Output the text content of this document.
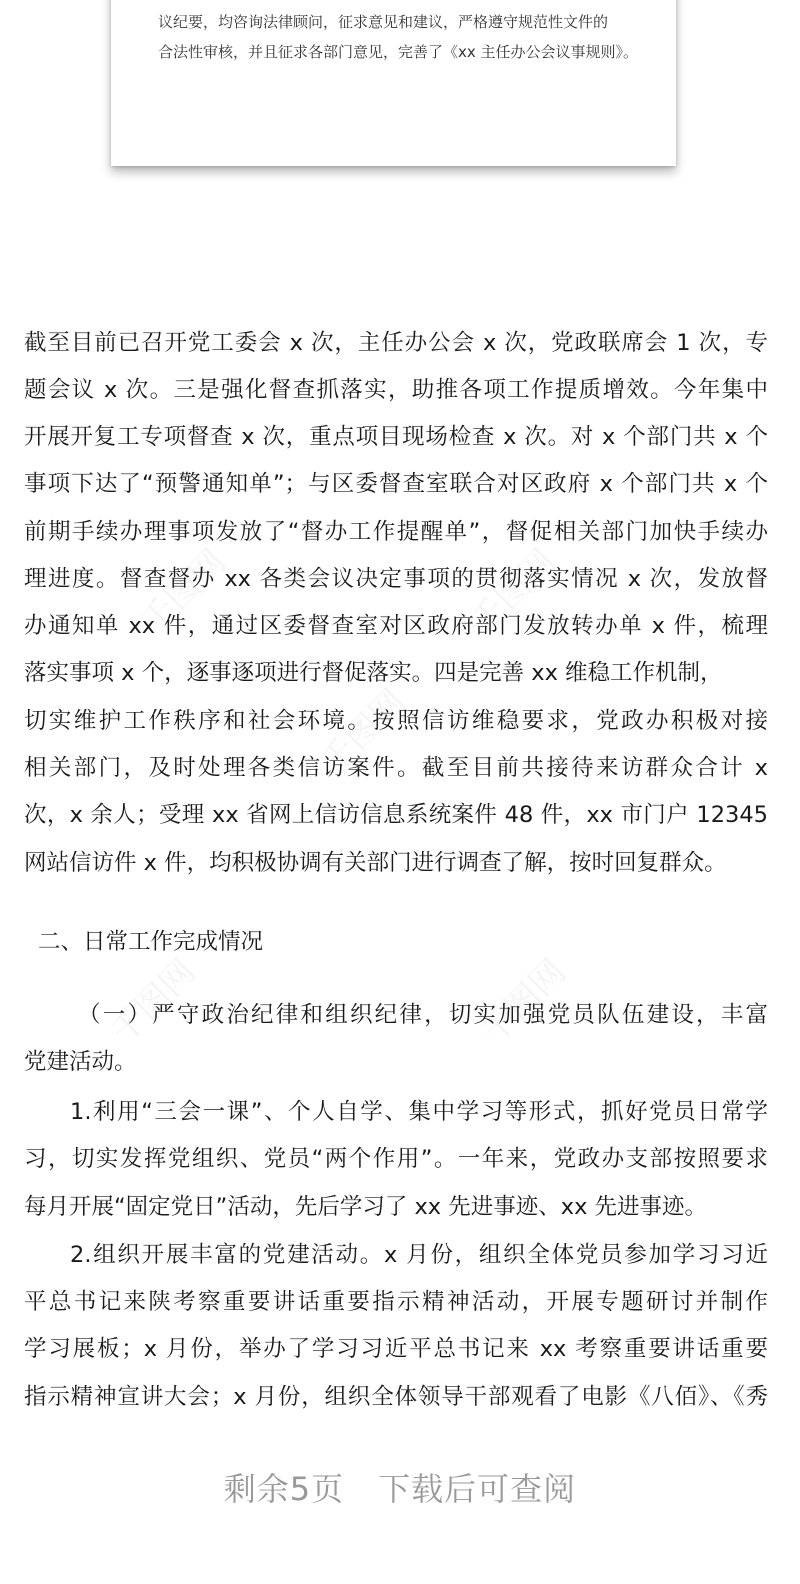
议纪要，均咨询法律顾问，征求意见和建议，严格遵守规范性文件的
合法性审核，并且征求各部门意见，完善了《xx 主任办公会议事规则》。
截至目前已召开党工委会 x 次，主任办公会 x 次，党政联席会 1 次，专
题会议 x 次。三是强化督查抓落实，助推各项工作提质增效。今年集中
开展开复工专项督查 x 次，重点项目现场检查 x 次。对 x 个部门共 x 个
事项下达了“预警通知单”；与区委督查室联合对区政府 x 个部门共 x 个
前期手续办理事项发放了“督办工作提醒单”，督促相关部门加快手续办
理进度。督查督办 xx 各类会议决定事项的贯彻落实情况 x 次，发放督
办通知单 xx 件，通过区委督查室对区政府部门发放转办单 x 件，梳理
落实事项 x 个，逐事逐项进行督促落实。四是完善 xx 维稳工作机制，
切实维护工作秩序和社会环境。按照信访维稳要求，党政办积极对接
相关部门，及时处理各类信访案件。截至目前共接待来访群众合计 x
次，x 余人；受理 xx 省网上信访信息系统案件 48 件，xx 市门户 12345
网站信访件 x 件，均积极协调有关部门进行调查了解，按时回复群众。
二、日常工作完成情况
（一）严守政治纪律和组织纪律，切实加强党员队伍建设，丰富
党建活动。
1.利用“三会一课”、个人自学、集中学习等形式，抓好党员日常学
习，切实发挥党组织、党员“两个作用”。一年来，党政办支部按照要求
每月开展“固定党日”活动，先后学习了 xx 先进事迹、xx 先进事迹。
2.组织开展丰富的党建活动。x 月份，组织全体党员参加学习习近
平总书记来陕考察重要讲话重要指示精神活动，开展专题研讨并制作
学习展板；x 月份，举办了学习习近平总书记来 xx 考察重要讲话重要
指示精神宣讲大会；x 月份，组织全体领导干部观看了电影《八佰》、《秀
剩余5页 下载后可查阅
